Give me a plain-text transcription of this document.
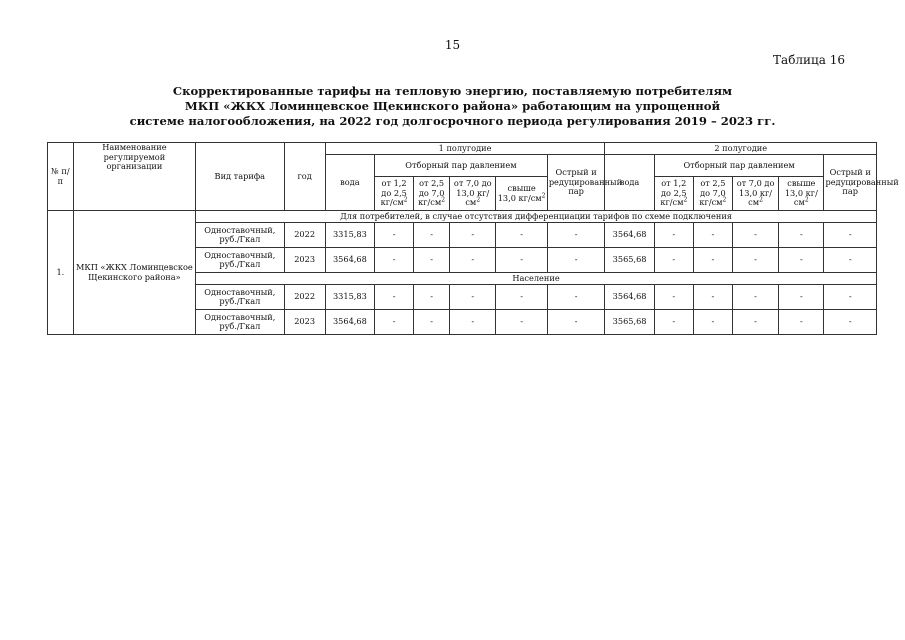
15
Таблица 16
Скорректированные тарифы на тепловую энергию, поставляемую потребителям
МКП «ЖКХ Ломинцевское Щекинского района» работающим на упрощенной
системе налогообложения, на 2022 год долгосрочного периода регулирования 2019 – 2023 гг.
№ п/п	Наименование регулируемой организации	Вид тарифа	год	1 полугодие						2 полугодие					
				вода	Отборный пар давлением				Острый и редуцированный пар	вода	Отборный пар давлением				Острый и редуцированный пар
					от 1,2 до 2,5 $кг/см^2$	от 2,5 до 7,0 $кг/см^2$	от 7,0 до 13,0 $кг/см^2$	свыше 13,0 $кг/см^2$			от 1,2 до 2,5 $кг/см^2$	от 2,5 до 7,0 $кг/см^2$	от 7,0 до 13,0 $кг/см^2$	свыше 13,0 $кг/см^2$
1.	МКП «ЖКХ Ломинцевское Щекинского района»	Для потребителей, в случае отсутствия дифференциации тарифов по схеме подключения													
		Одноставочный, руб./Гкал	2022	3315,83	-	-	-	-	-	3564,68	-	-	-	-	-
		Одноставочный, руб./Гкал	2023	3564,68	-	-	-	-	-	3565,68	-	-	-	-	-
		Население													
		Одноставочный, руб./Гкал	2022	3315,83	-	-	-	-	-	3564,68	-	-	-	-	-
		Одноставочный, руб./Гкал	2023	3564,68	-	-	-	-	-	3565,68	-	-	-	-	-
